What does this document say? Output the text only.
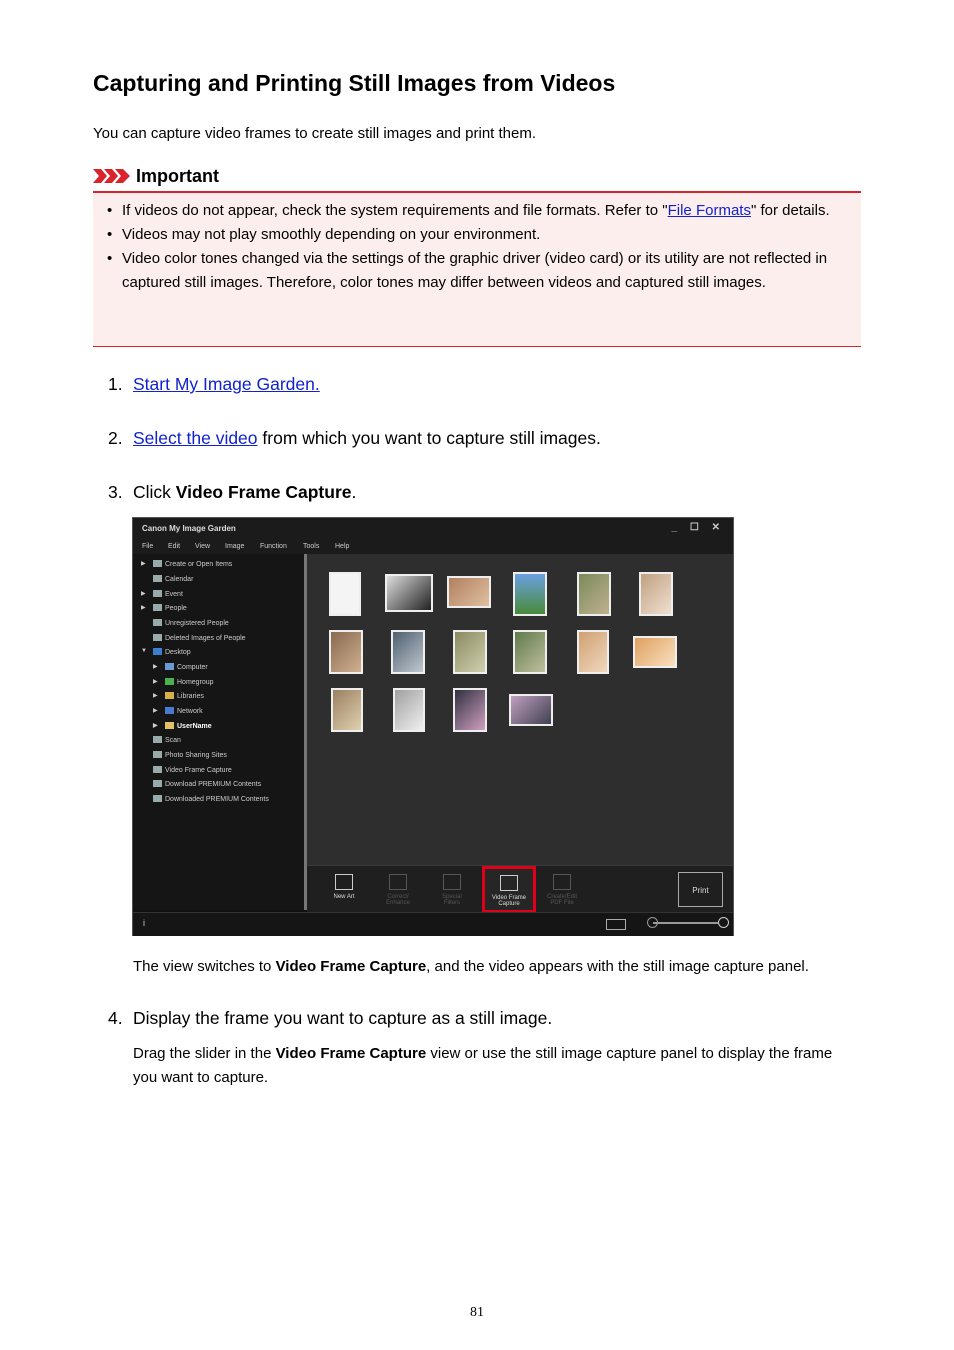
Capturing and Printing Still Images from Videos
You can capture video frames to create still images and print them.
Important
• If videos do not appear, check the system requirements and file formats. Refer to "File Formats" for details.
• Videos may not play smoothly depending on your environment.
• Video color tones changed via the settings of the graphic driver (video card) or its utility are not reflected in captured still images. Therefore, color tones may differ between videos and captured still images.
1. Start My Image Garden.
2. Select the video from which you want to capture still images.
3. Click Video Frame Capture.
Canon My Image Garden	_ ☐ ✕
File Edit View Image Function Tools Help
▶	Create or Open Items
Calendar
▶	Event
▶	People
Unregistered People
Deleted Images of People
▼	Desktop
▶	Computer
▶	Homegroup
▶	Libraries
▶	Network
▶	UserName
Scan
Photo Sharing Sites
Video Frame Capture
Download PREMIUM Contents
Downloaded PREMIUM Contents
New Art	Correct/
Enhance
Special
Filters
Video Frame
Capture
Create/Edit
PDF File
Print
i
The view switches to Video Frame Capture, and the video appears with the still image capture panel.
4. Display the frame you want to capture as a still image.
Drag the slider in the Video Frame Capture view or use the still image capture panel to display the frame you want to capture.
81
